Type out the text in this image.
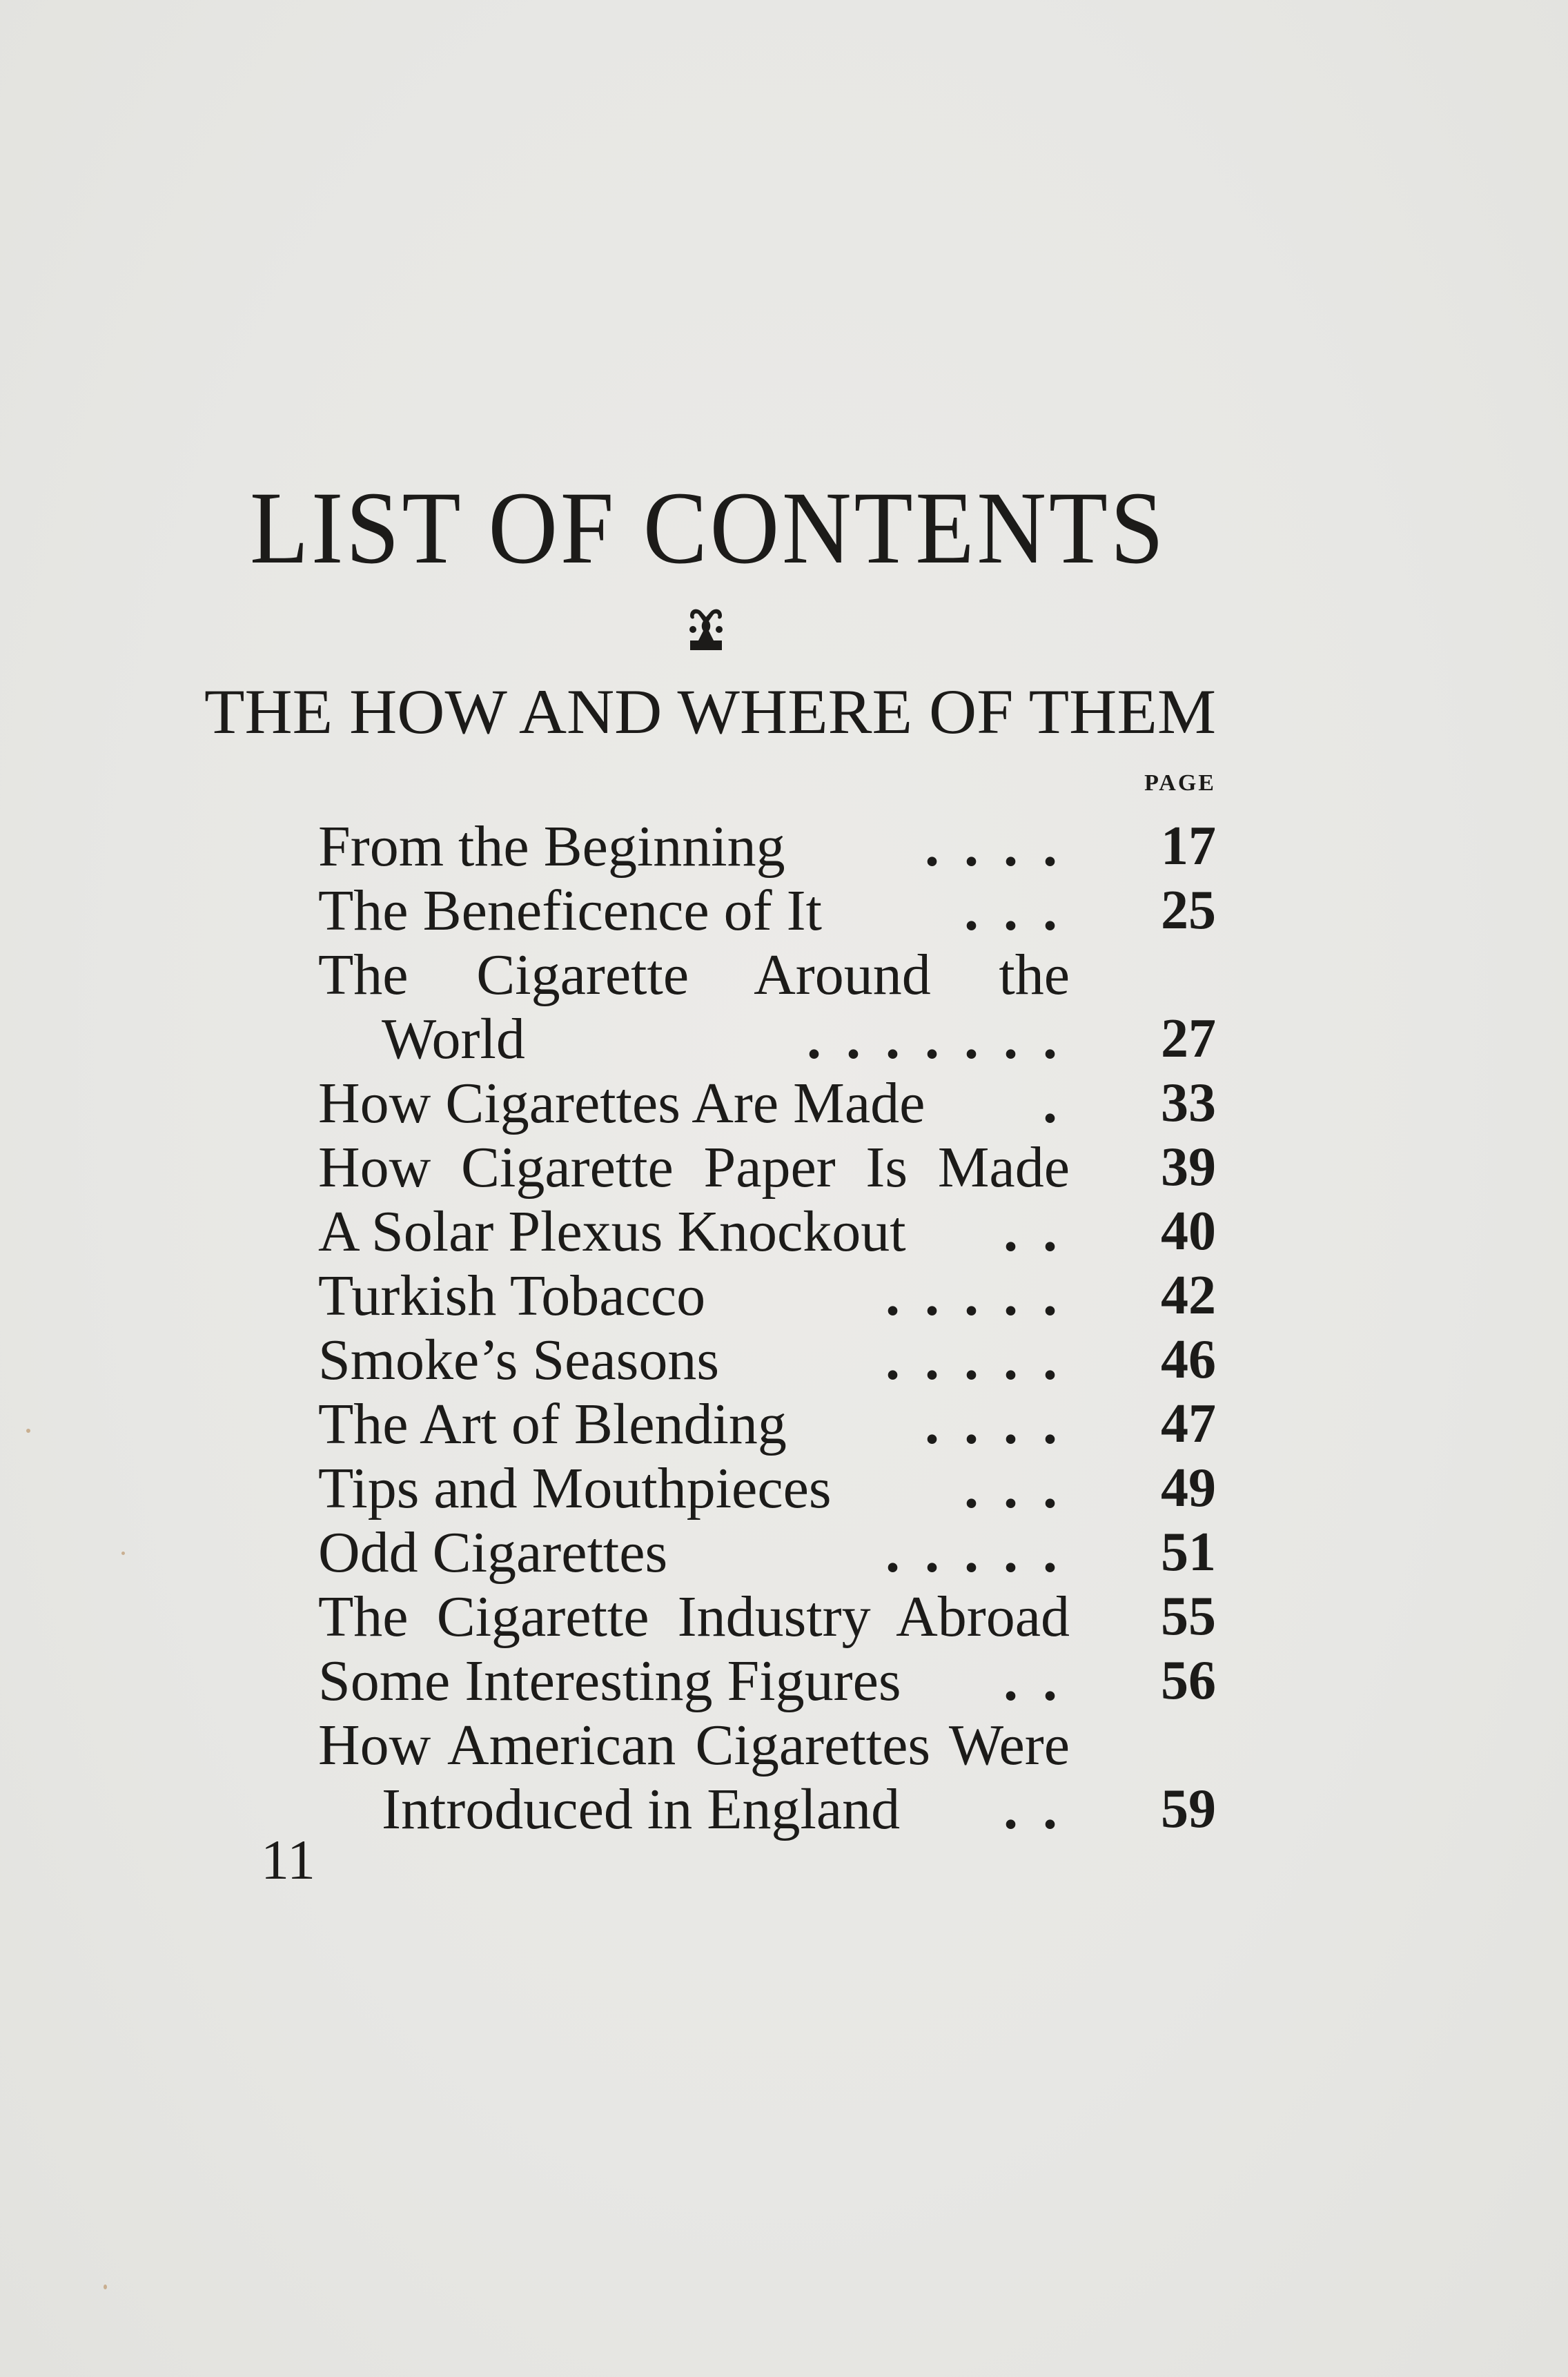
LIST OF CONTENTS
THE HOW AND WHERE OF THEM
PAGE
From the Beginning . . . . 17
The Beneficence of It . . . 25
The Cigarette Around the
World	. . . . . . . 27
How Cigarettes Are Made . 33
How Cigarette Paper Is Made 39
A Solar Plexus Knockout . . 40
Turkish Tobacco	. . . . . 42
Smoke’s Seasons	. . . . . 46
The Art of Blending . . . . 47
Tips and Mouthpieces . . . 49
Odd Cigarettes	. . . . . 51
The Cigarette Industry Abroad 55
Some Interesting Figures . . 56
How American Cigarettes Were
Introduced in England . . 59
11
